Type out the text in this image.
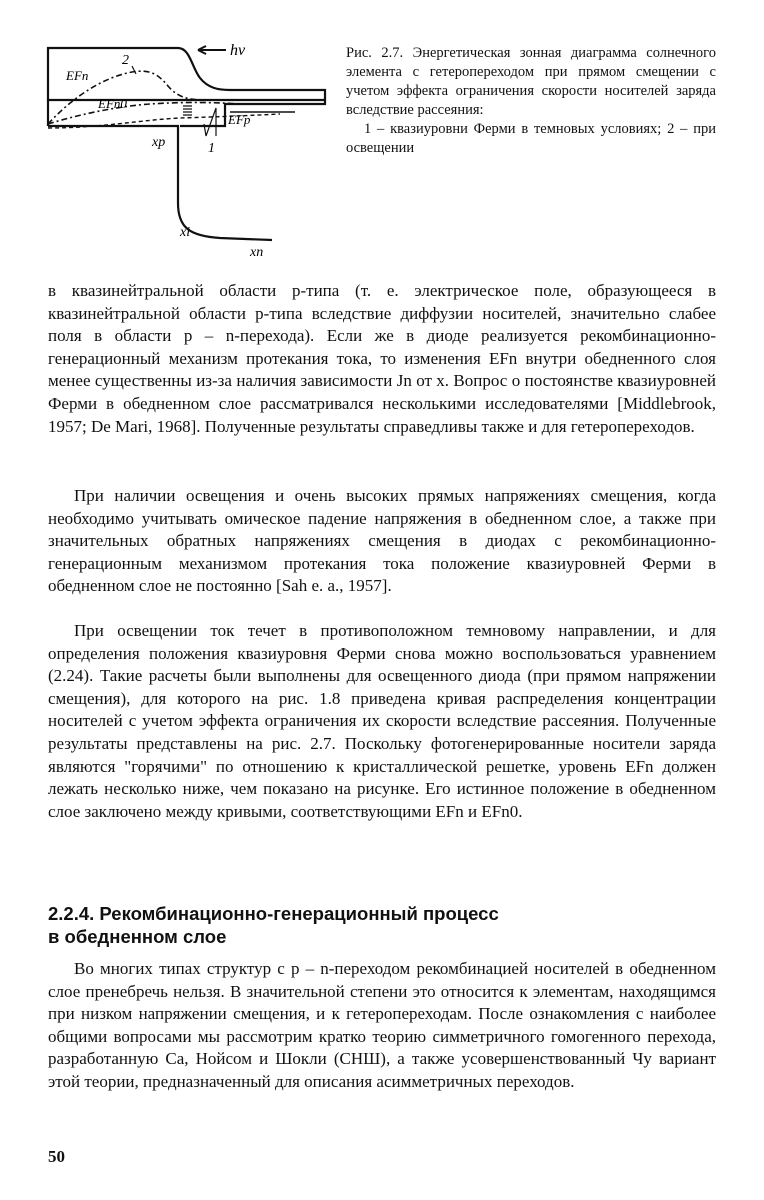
hν
2
EFn
EFn0
EFp
xp	1
xi
xn
Рис. 2.7. Энергетическая зонная диаграмма солнечного элемента с гетеропереходом при прямом смещении с учетом эффекта ограничения скорости носителей заряда вследствие рассеяния:
1 – квазиуровни Ферми в темновых условиях; 2 – при освещении

в квазинейтральной области p-типа (т. е. электрическое поле, образующееся в квазинейтральной области p-типа вследствие диффузии носителей, значительно слабее поля в области p – n-перехода). Если же в диоде реализуется рекомбинационно-генерационный механизм протекания тока, то изменения EFn внутри обедненного слоя менее существенны из-за наличия зависимости Jn от x. Вопрос о постоянстве квазиуровней Ферми в обедненном слое рассматривался несколькими исследователями [Middlebrook, 1957; De Mari, 1968]. Полученные результаты справедливы также и для гетеропереходов.

При наличии освещения и очень высоких прямых напряжениях смещения, когда необходимо учитывать омическое падение напряжения в обедненном слое, а также при значительных обратных напряжениях смещения в диодах с рекомбинационно-генерационным механизмом протекания тока положение квазиуровней Ферми в обедненном слое не постоянно [Sah e. a., 1957].

При освещении ток течет в противоположном темновому направлении, и для определения положения квазиуровня Ферми снова можно воспользоваться уравнением (2.24). Такие расчеты были выполнены для освещенного диода (при прямом напряжении смещения), для которого на рис. 1.8 приведена кривая распределения концентрации носителей с учетом эффекта ограничения их скорости вследствие рассеяния. Полученные результаты представлены на рис. 2.7. Поскольку фотогенерированные носители заряда являются "горячими" по отношению к кристаллической решетке, уровень EFn должен лежать несколько ниже, чем показано на рисунке. Его истинное положение в обедненном слое заключено между кривыми, соответствующими EFn и EFn0.

2.2.4. Рекомбинационно-генерационный процесс
в обедненном слое

Во многих типах структур с p – n-переходом рекомбинацией носителей в обедненном слое пренебречь нельзя. В значительной степени это относится к элементам, находящимся при низком напряжении смещения, и к гетеропереходам. После ознакомления с наиболее общими вопросами мы рассмотрим кратко теорию симметричного гомогенного перехода, разработанную Са, Нойсом и Шокли (СНШ), а также усовершенствованный Чу вариант этой теории, предназначенный для описания асимметричных переходов.

50
